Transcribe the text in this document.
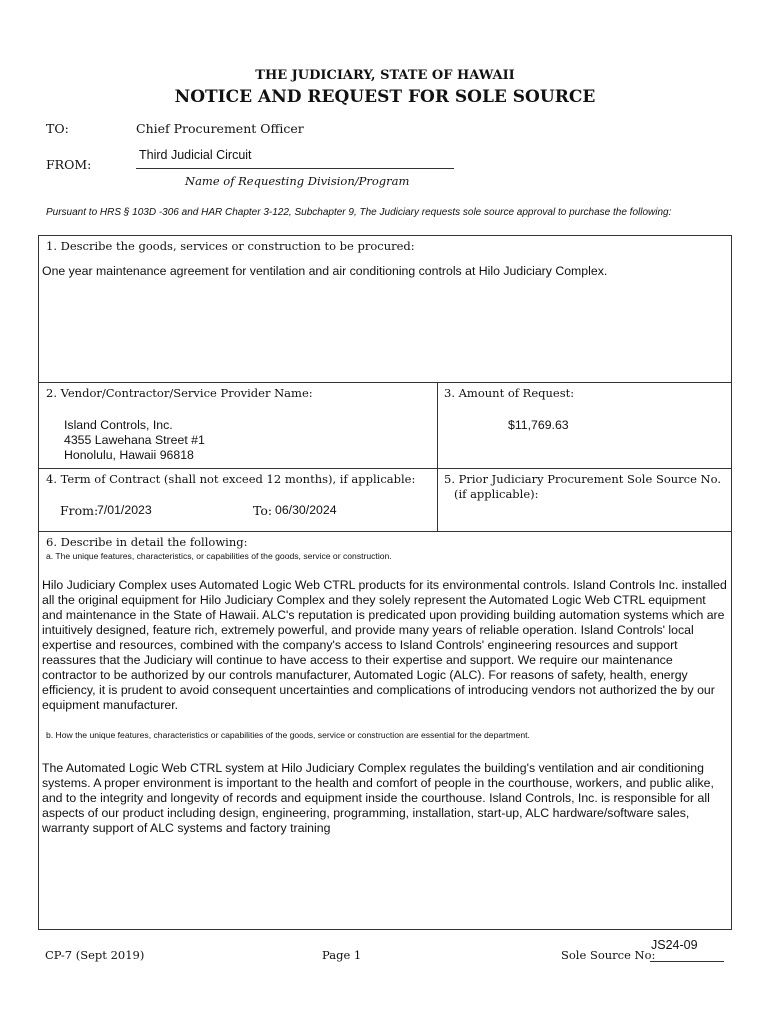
THE JUDICIARY, STATE OF HAWAII
NOTICE AND REQUEST FOR SOLE SOURCE
TO:	Chief Procurement Officer
FROM:
Third Judicial Circuit
Name of Requesting Division/Program
Pursuant to HRS § 103D -306 and HAR Chapter 3-122, Subchapter 9, The Judiciary requests sole source approval to purchase the following:
1. Describe the goods, services or construction to be procured:
One year maintenance agreement for ventilation and air conditioning controls at Hilo Judiciary Complex.
2. Vendor/Contractor/Service Provider Name:
Island Controls, Inc.
4355 Lawehana Street #1
Honolulu, Hawaii 96818
3. Amount of Request:
$11,769.63
4. Term of Contract (shall not exceed 12 months), if applicable:
From:
7/01/2023	To: 06/30/2024
5. Prior Judiciary Procurement Sole Source No.
(if applicable):
6. Describe in detail the following:
a. The unique features, characteristics, or capabilities of the goods, service or construction.
Hilo Judiciary Complex uses Automated Logic Web CTRL products for its environmental controls. Island Controls Inc. installed all the original equipment for Hilo Judiciary Complex and they solely represent the Automated Logic Web CTRL equipment and maintenance in the State of Hawaii. ALC's reputation is predicated upon providing building automation systems which are intuitively designed, feature rich, extremely powerful, and provide many years of reliable operation. Island Controls' local expertise and resources, combined with the company's access to Island Controls' engineering resources and support reassures that the Judiciary will continue to have access to their expertise and support. We require our maintenance contractor to be authorized by our controls manufacturer, Automated Logic (ALC). For reasons of safety, health, energy efficiency, it is prudent to avoid consequent uncertainties and complications of introducing vendors not authorized the by our equipment manufacturer.
b. How the unique features, characteristics or capabilities of the goods, service or construction are essential for the department.
The Automated Logic Web CTRL system at Hilo Judiciary Complex regulates the building's ventilation and air conditioning systems. A proper environment is important to the health and comfort of people in the courthouse, workers, and public alike, and to the integrity and longevity of records and equipment inside the courthouse. Island Controls, Inc. is responsible for all aspects of our product including design, engineering, programming, installation, start-up, ALC hardware/software sales, warranty support of ALC systems and factory training
CP-7 (Sept 2019)	Page 1	Sole Source No:
JS24-09
